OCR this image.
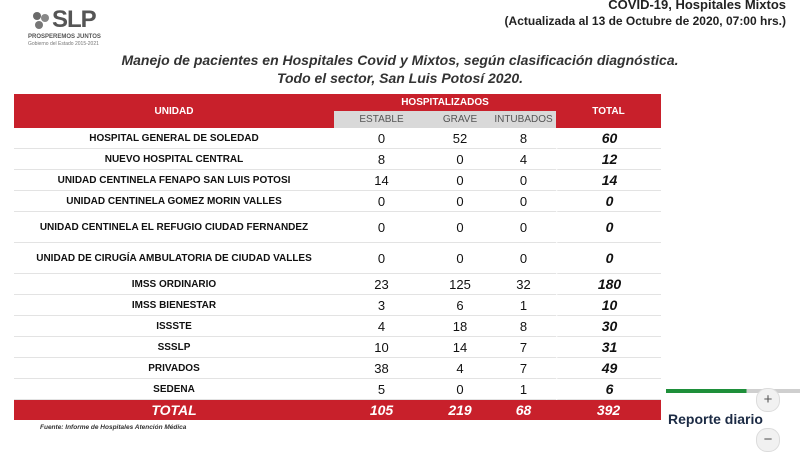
SLP
PROSPEREMOS JUNTOS
Gobierno del Estado 2015-2021
COVID-19, Hospitales Mixtos
(Actualizada al 13 de Octubre de 2020, 07:00 hrs.)
Manejo de pacientes en Hospitales Covid y Mixtos, según clasificación diagnóstica.
Todo el sector, San Luis Potosí 2020.
UNIDAD	HOSPITALIZADOS			TOTAL
	ESTABLE	GRAVE	INTUBADOS	
HOSPITAL GENERAL DE SOLEDAD	0	52	8	60
NUEVO HOSPITAL CENTRAL	8	0	4	12
UNIDAD CENTINELA FENAPO SAN LUIS POTOSI	14	0	0	14
UNIDAD CENTINELA GOMEZ MORIN VALLES	0	0	0	0
UNIDAD CENTINELA EL REFUGIO CIUDAD FERNANDEZ	0	0	0	0
UNIDAD DE CIRUGÍA AMBULATORIA DE CIUDAD VALLES	0	0	0	0
IMSS ORDINARIO	23	125	32	180
IMSS BIENESTAR	3	6	1	10
ISSSTE	4	18	8	30
SSSLP	10	14	7	31
PRIVADOS	38	4	7	49
SEDENA	5	0	1	6
TOTAL	105	219	68	392
Fuente: Informe de Hospitales Atención Médica
Reporte diario
+
−
